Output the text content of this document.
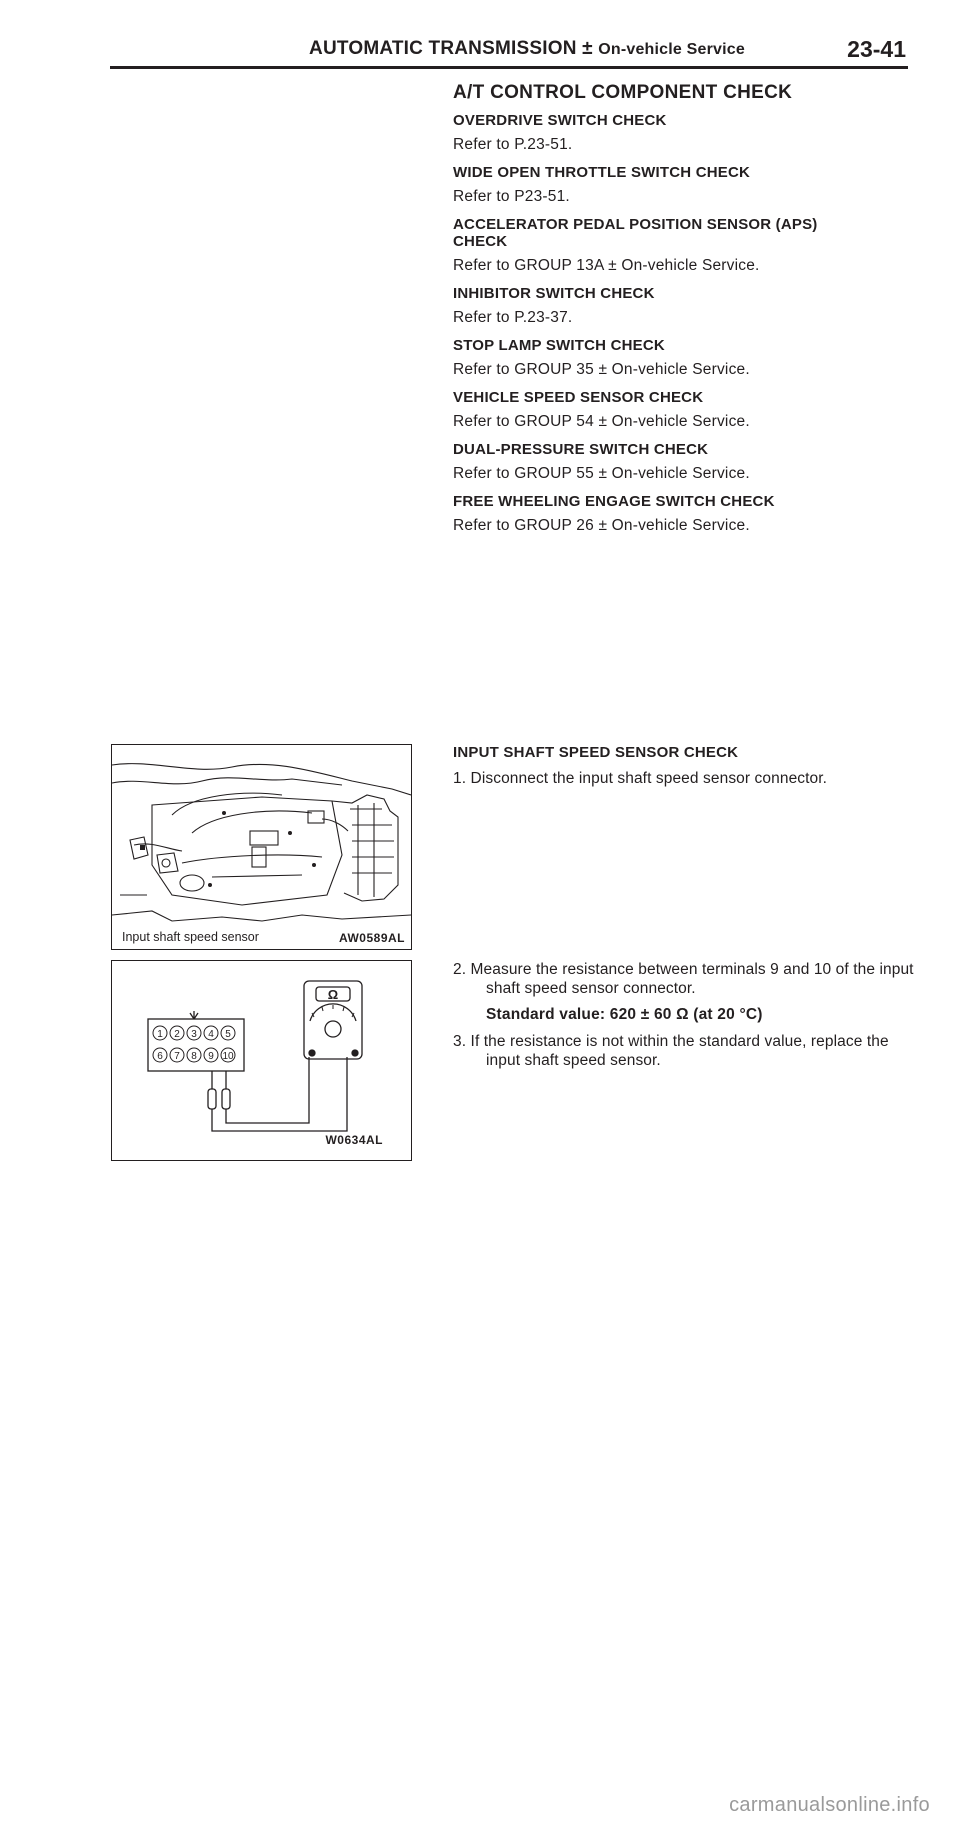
AUTOMATIC TRANSMISSION ± On-vehicle Service	23-41
A/T CONTROL COMPONENT CHECK
OVERDRIVE SWITCH CHECK
Refer to P.23-51.
WIDE OPEN THROTTLE SWITCH CHECK
Refer to P23-51.
ACCELERATOR PEDAL POSITION SENSOR (APS) CHECK
Refer to GROUP 13A ± On-vehicle Service.
INHIBITOR SWITCH CHECK
Refer to P.23-37.
STOP LAMP SWITCH CHECK
Refer to GROUP 35 ± On-vehicle Service.
VEHICLE SPEED SENSOR CHECK
Refer to GROUP 54 ± On-vehicle Service.
DUAL-PRESSURE SWITCH CHECK
Refer to GROUP 55 ± On-vehicle Service.
FREE WHEELING ENGAGE SWITCH CHECK
Refer to GROUP 26 ± On-vehicle Service.
INPUT SHAFT SPEED SENSOR CHECK
1. Disconnect the input shaft speed sensor connector.
2. Measure the resistance between terminals 9 and 10 of the input shaft speed sensor connector.
Standard value: 620 ± 60 Ω (at 20 °C)
3. If the resistance is not within the standard value, replace the input shaft speed sensor.
Input shaft speed sensor	AW0589AL
1 2 3 4 5
6 7 8 9 10
Ω
W0634AL
carmanualsonline.info
